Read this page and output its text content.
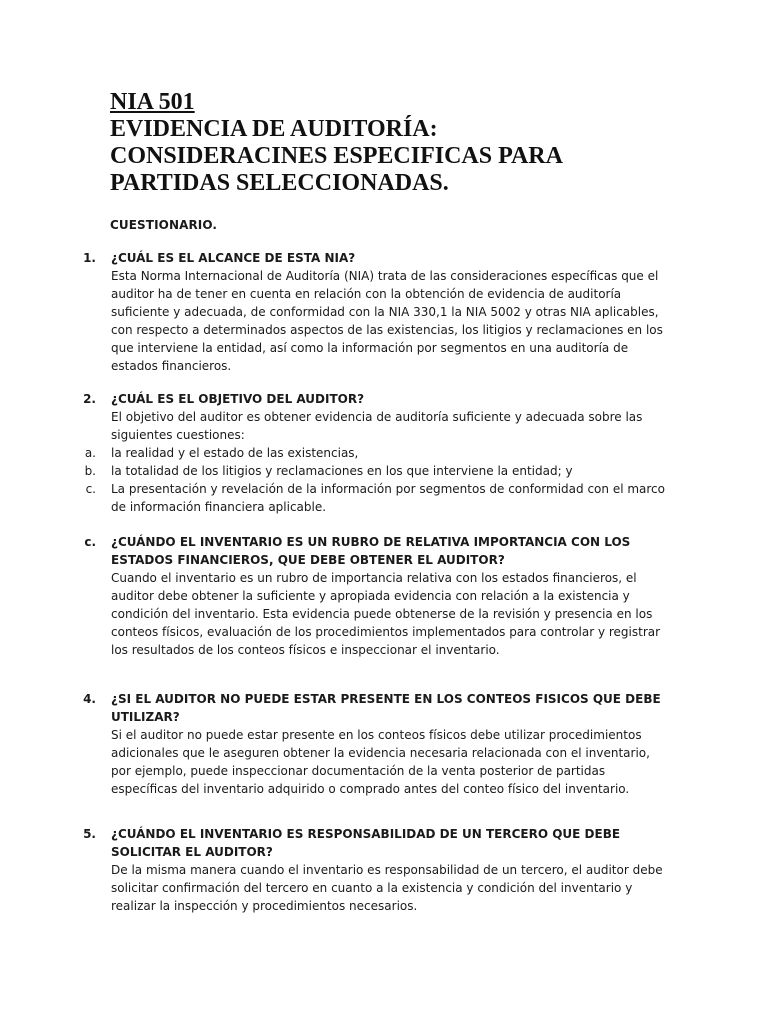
NIA 501
EVIDENCIA DE AUDITORÍA:
CONSIDERACINES ESPECIFICAS PARA
PARTIDAS SELECCIONADAS.
CUESTIONARIO.
1.	¿CUÁL ES EL ALCANCE DE ESTA NIA?
Esta Norma Internacional de Auditoría (NIA) trata de las consideraciones específicas que el auditor ha de tener en cuenta en relación con la obtención de evidencia de auditoría suficiente y adecuada, de conformidad con la NIA 330,1 la NIA 5002 y otras NIA aplicables, con respecto a determinados aspectos de las existencias, los litigios y reclamaciones en los que interviene la entidad, así como la información por segmentos en una auditoría de estados financieros.
2.	¿CUÁL ES EL OBJETIVO DEL AUDITOR?
El objetivo del auditor es obtener evidencia de auditoría suficiente y adecuada sobre las siguientes cuestiones:
a. la realidad y el estado de las existencias,
b. la totalidad de los litigios y reclamaciones en los que interviene la entidad; y
c. La presentación y revelación de la información por segmentos de conformidad con el marco de información financiera aplicable.
c.	¿CUÁNDO EL INVENTARIO ES UN RUBRO DE RELATIVA IMPORTANCIA CON LOS ESTADOS FINANCIEROS, QUE DEBE OBTENER EL AUDITOR?
Cuando el inventario es un rubro de importancia relativa con los estados financieros, el auditor debe obtener la suficiente y apropiada evidencia con relación a la existencia y condición del inventario. Esta evidencia puede obtenerse de la revisión y presencia en los conteos físicos, evaluación de los procedimientos implementados para controlar y registrar los resultados de los conteos físicos e inspeccionar el inventario.
4.	¿SI EL AUDITOR NO PUEDE ESTAR PRESENTE EN LOS CONTEOS FISICOS QUE DEBE UTILIZAR?
Si el auditor no puede estar presente en los conteos físicos debe utilizar procedimientos adicionales que le aseguren obtener la evidencia necesaria relacionada con el inventario, por ejemplo, puede inspeccionar documentación de la venta posterior de partidas específicas del inventario adquirido o comprado antes del conteo físico del inventario.
5.	¿CUÁNDO EL INVENTARIO ES RESPONSABILIDAD DE UN TERCERO QUE DEBE SOLICITAR EL AUDITOR?
De la misma manera cuando el inventario es responsabilidad de un tercero, el auditor debe solicitar confirmación del tercero en cuanto a la existencia y condición del inventario y realizar la inspección y procedimientos necesarios.
